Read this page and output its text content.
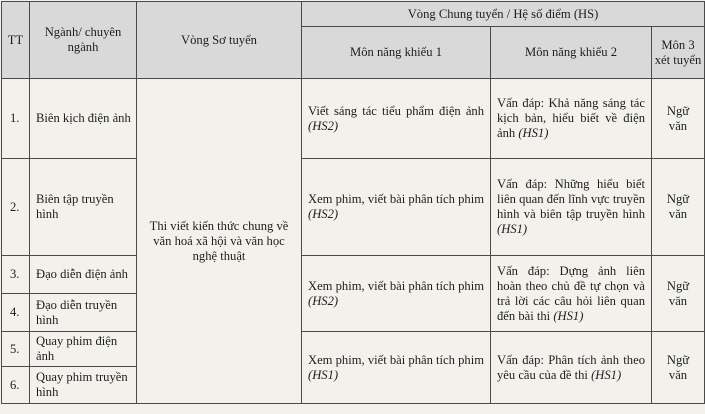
TT	Ngành/ chuyên ngành	Vòng Sơ tuyển	Vòng Chung tuyển / Hệ số điểm (HS)		
			Môn năng khiếu 1	Môn năng khiếu 2	Môn 3 xét tuyển
1.	Biên kịch điện ảnh	Thi viết kiến thức chung về văn hoá xã hội và văn học nghệ thuật	Viết sáng tác tiểu phẩm điện ảnh (HS2)	Vấn đáp: Khả năng sáng tác kịch bản, hiểu biết về điện ảnh (HS1)	Ngữ văn
2.	Biên tập truyền hình		Xem phim, viết bài phân tích phim (HS2)	Vấn đáp: Những hiểu biết liên quan đến lĩnh vực truyền hình và biên tập truyền hình (HS1)	Ngữ văn
3.	Đạo diễn điện ảnh		Xem phim, viết bài phân tích phim (HS2)	Vấn đáp: Dựng ảnh liên hoàn theo chủ đề tự chọn và trả lời các câu hỏi liên quan đến bài thi (HS1)	Ngữ văn
4.	Đạo diễn truyền hình				
5.	Quay phim điện ảnh		Xem phim, viết bài phân tích phim (HS1)	Vấn đáp: Phân tích ảnh theo yêu cầu của đề thi (HS1)	Ngữ văn
6.	Quay phim truyền hình				
